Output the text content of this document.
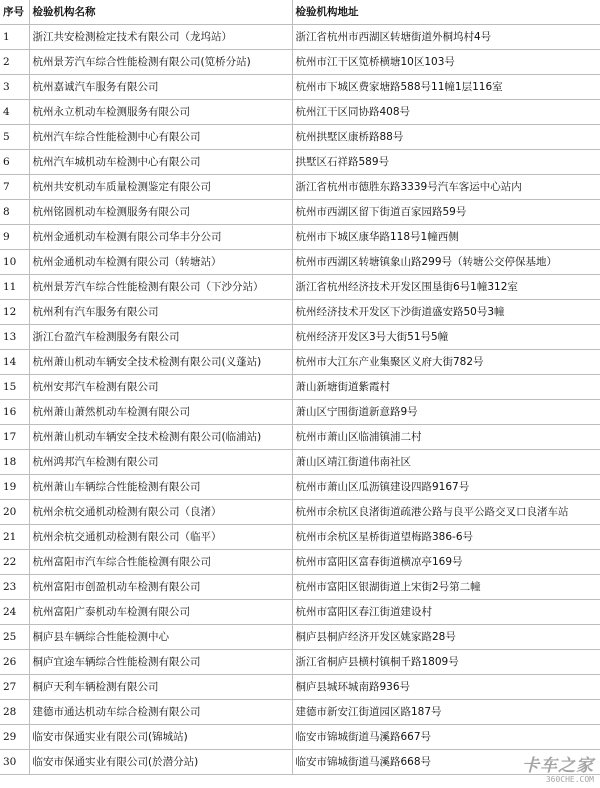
序号	检验机构名称	检验机构地址
1	浙江共安检测检定技术有限公司（龙坞站）	浙江省杭州市西湖区转塘街道外桐坞村4号
2	杭州景芳汽车综合性能检测有限公司(笕桥分站)	杭州市江干区笕桥横塘10区103号
3	杭州嘉诚汽车服务有限公司	杭州市下城区费家塘路588号11幢1层116室
4	杭州永立机动车检测服务有限公司	杭州江干区同协路408号
5	杭州汽车综合性能检测中心有限公司	杭州拱墅区康桥路88号
6	杭州汽车城机动车检测中心有限公司	拱墅区石祥路589号
7	杭州共安机动车质量检测鉴定有限公司	浙江省杭州市德胜东路3339号汽车客运中心站内
8	杭州铭圆机动车检测服务有限公司	杭州市西湖区留下街道百家园路59号
9	杭州金通机动车检测有限公司华丰分公司	杭州市下城区康华路118号1幢西侧
10	杭州金通机动车检测有限公司（转塘站）	杭州市西湖区转塘镇象山路299号（转塘公交停保基地）
11	杭州景芳汽车综合性能检测有限公司（下沙分站）	浙江省杭州经济技术开发区围垦街6号1幢312室
12	杭州利有汽车服务有限公司	杭州经济技术开发区下沙街道盛安路50号3幢
13	浙江台盈汽车检测服务有限公司	杭州经济开发区3号大街51号5幢
14	杭州萧山机动车辆安全技术检测有限公司(义蓬站)	杭州市大江东产业集聚区义府大街782号
15	杭州安邦汽车检测有限公司	萧山新塘街道紫霞村
16	杭州萧山萧然机动车检测有限公司	萧山区宁围街道新意路9号
17	杭州萧山机动车辆安全技术检测有限公司(临浦站)	杭州市萧山区临浦镇浦二村
18	杭州鸿邦汽车检测有限公司	萧山区靖江街道伟南社区
19	杭州萧山车辆综合性能检测有限公司	杭州市萧山区瓜沥镇建设四路9167号
20	杭州余杭交通机动检测有限公司（良渚）	杭州市余杭区良渚街道疏港公路与良平公路交叉口良渚车站
21	杭州余杭交通机动检测有限公司（临平）	杭州市余杭区星桥街道望梅路386-6号
22	杭州富阳市汽车综合性能检测有限公司	杭州市富阳区富春街道横凉亭169号
23	杭州富阳市创盈机动车检测有限公司	杭州市富阳区银湖街道上宋街2号第二幢
24	杭州富阳广泰机动车检测有限公司	杭州市富阳区春江街道建设村
25	桐庐县车辆综合性能检测中心	桐庐县桐庐经济开发区姚家路28号
26	桐庐宜途车辆综合性能检测有限公司	浙江省桐庐县横村镇桐千路1809号
27	桐庐天利车辆检测有限公司	桐庐县城环城南路936号
28	建德市通达机动车综合检测有限公司	建德市新安江街道园区路187号
29	临安市保通实业有限公司(锦城站)	临安市锦城街道马溪路667号
30	临安市保通实业有限公司(於潜分站)	临安市锦城街道马溪路668号	卡车之家
360CHE.COM
